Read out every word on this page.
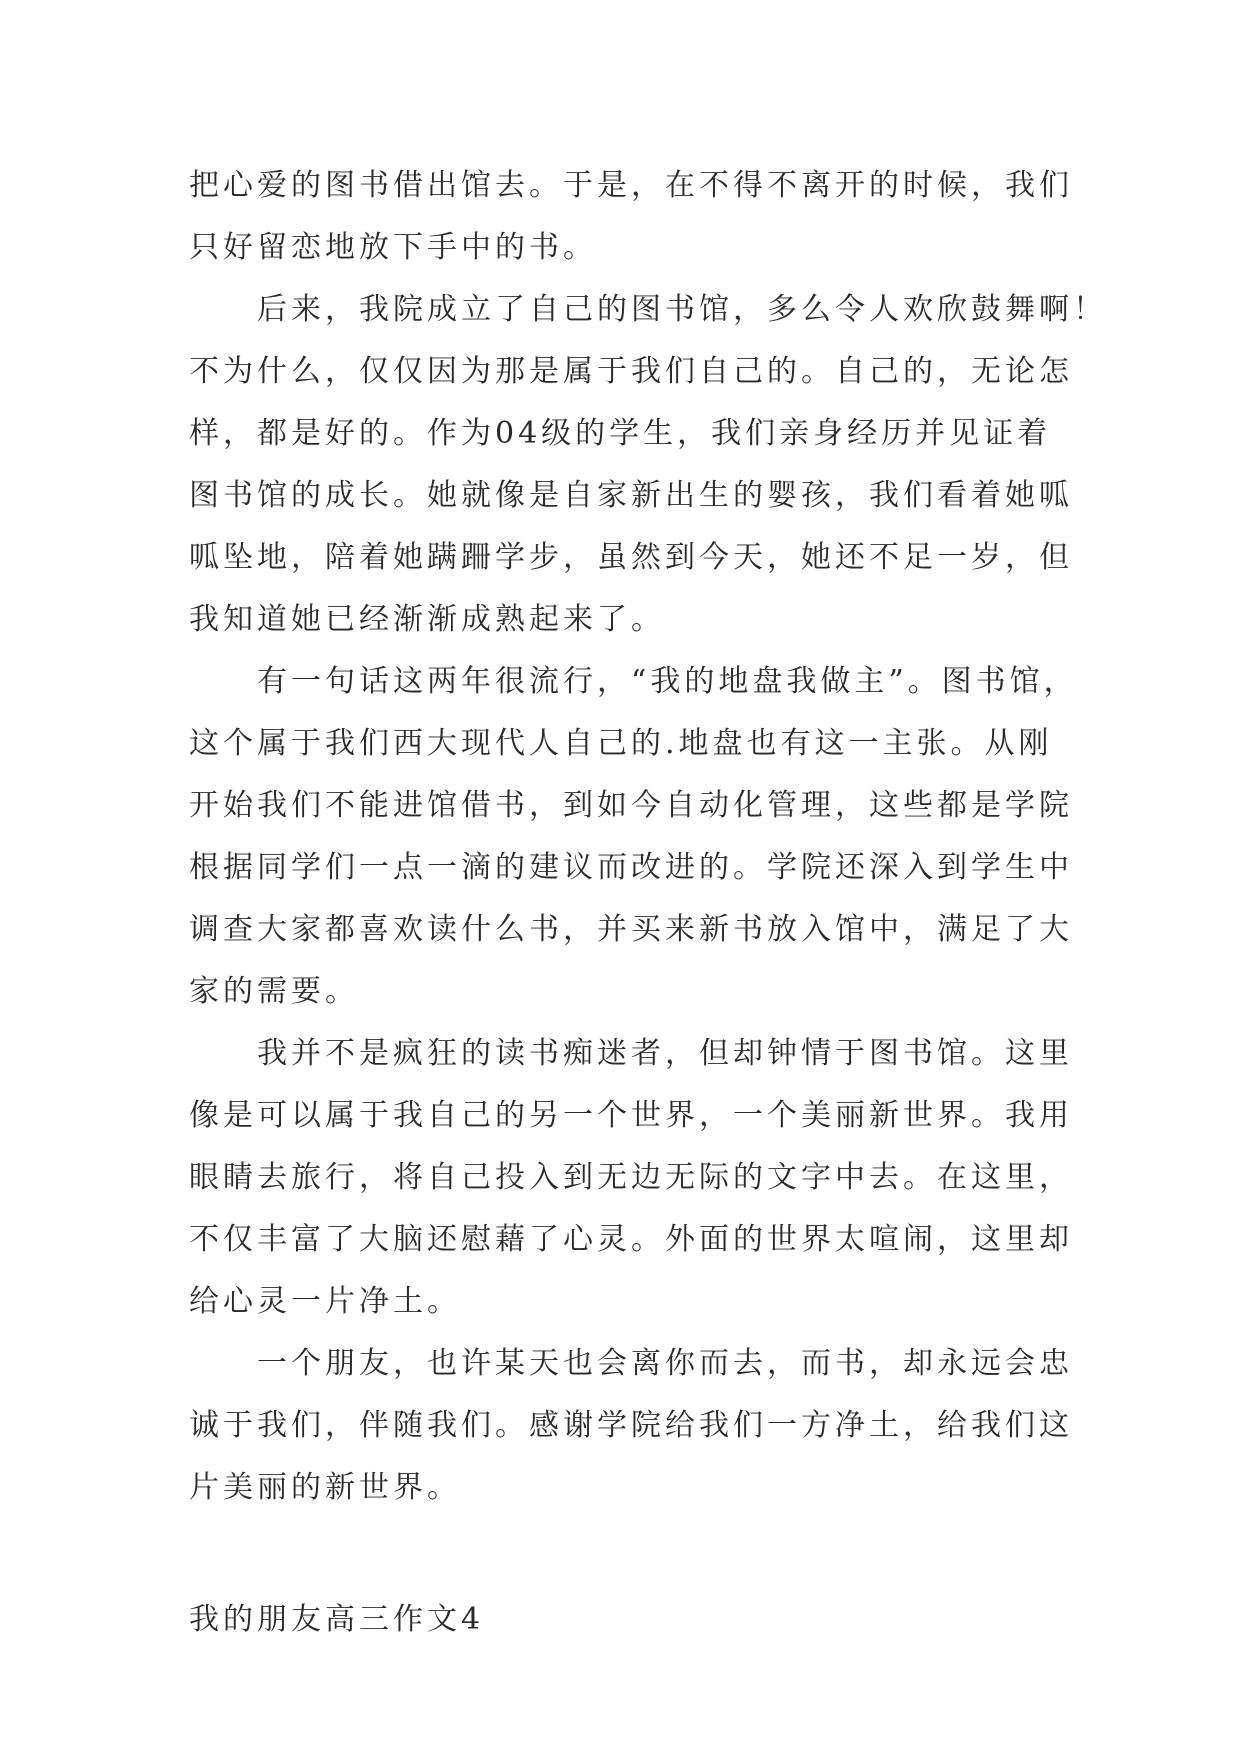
把心爱的图书借出馆去。于是，在不得不离开的时候，我们
只好留恋地放下手中的书。
后来，我院成立了自己的图书馆，多么令人欢欣鼓舞啊！
不为什么，仅仅因为那是属于我们自己的。自己的，无论怎
样，都是好的。作为04级的学生，我们亲身经历并见证着
图书馆的成长。她就像是自家新出生的婴孩，我们看着她呱
呱坠地，陪着她蹒跚学步，虽然到今天，她还不足一岁，但
我知道她已经渐渐成熟起来了。
有一句话这两年很流行，“我的地盘我做主”。图书馆，
这个属于我们西大现代人自己的.地盘也有这一主张。从刚
开始我们不能进馆借书，到如今自动化管理，这些都是学院
根据同学们一点一滴的建议而改进的。学院还深入到学生中
调查大家都喜欢读什么书，并买来新书放入馆中，满足了大
家的需要。
我并不是疯狂的读书痴迷者，但却钟情于图书馆。这里
像是可以属于我自己的另一个世界，一个美丽新世界。我用
眼睛去旅行，将自己投入到无边无际的文字中去。在这里，
不仅丰富了大脑还慰藉了心灵。外面的世界太喧闹，这里却
给心灵一片净土。
一个朋友，也许某天也会离你而去，而书，却永远会忠
诚于我们，伴随我们。感谢学院给我们一方净土，给我们这
片美丽的新世界。
我的朋友高三作文4
